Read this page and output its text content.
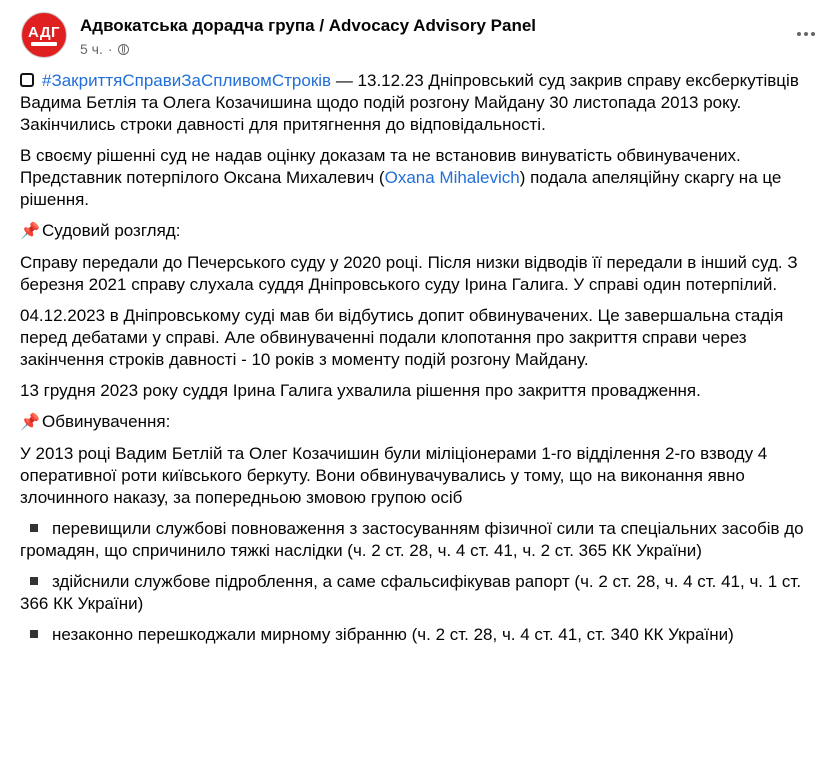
АДГ Адвокатська дорадча група / Advocacy Advisory Panel
5 ч. ·

#ЗакриттяСправиЗаСпливомСтроків — 13.12.23 Дніпровський суд закрив справу ексберкутівців Вадима Бетлія та Олега Козачишина щодо подій розгону Майдану 30 листопада 2013 року. Закінчились строки давності для притягнення до відповідальності.

В своєму рішенні суд не надав оцінку доказам та не встановив винуватість обвинувачених. Представник потерпілого Оксана Михалевич (Oxana Mihalevich) подала апеляційну скаргу на це рішення.

📌 Судовий розгляд:

Справу передали до Печерського суду у 2020 році. Після низки відводів її передали в інший суд. З березня 2021 справу слухала суддя Дніпровського суду Ірина Галига. У справі один потерпілий.

04.12.2023 в Дніпровському суді мав би відбутись допит обвинувачених. Це завершальна стадія перед дебатами у справі. Але обвинуваченні подали клопотання про закриття справи через закінчення строків давності - 10 років з моменту подій розгону Майдану.

13 грудня 2023 року суддя Ірина Галига ухвалила рішення про закриття провадження.

📌 Обвинувачення:

У 2013 році Вадим Бетлій та Олег Козачишин були міліціонерами 1-го відділення 2-го взводу 4 оперативної роти київського беркуту. Вони обвинувачувались у тому, що на виконання явно злочинного наказу, за попередньою змовою групою осіб

перевищили службові повноваження з застосуванням фізичної сили та спеціальних засобів до громадян, що спричинило тяжкі наслідки (ч. 2 ст. 28, ч. 4 ст. 41, ч. 2 ст. 365 КК України)

здійснили службове підроблення, а саме сфальсифікував рапорт (ч. 2 ст. 28, ч. 4 ст. 41, ч. 1 ст. 366 КК України)

незаконно перешкоджали мирному зібранню (ч. 2 ст. 28, ч. 4 ст. 41, ст. 340 КК України)
